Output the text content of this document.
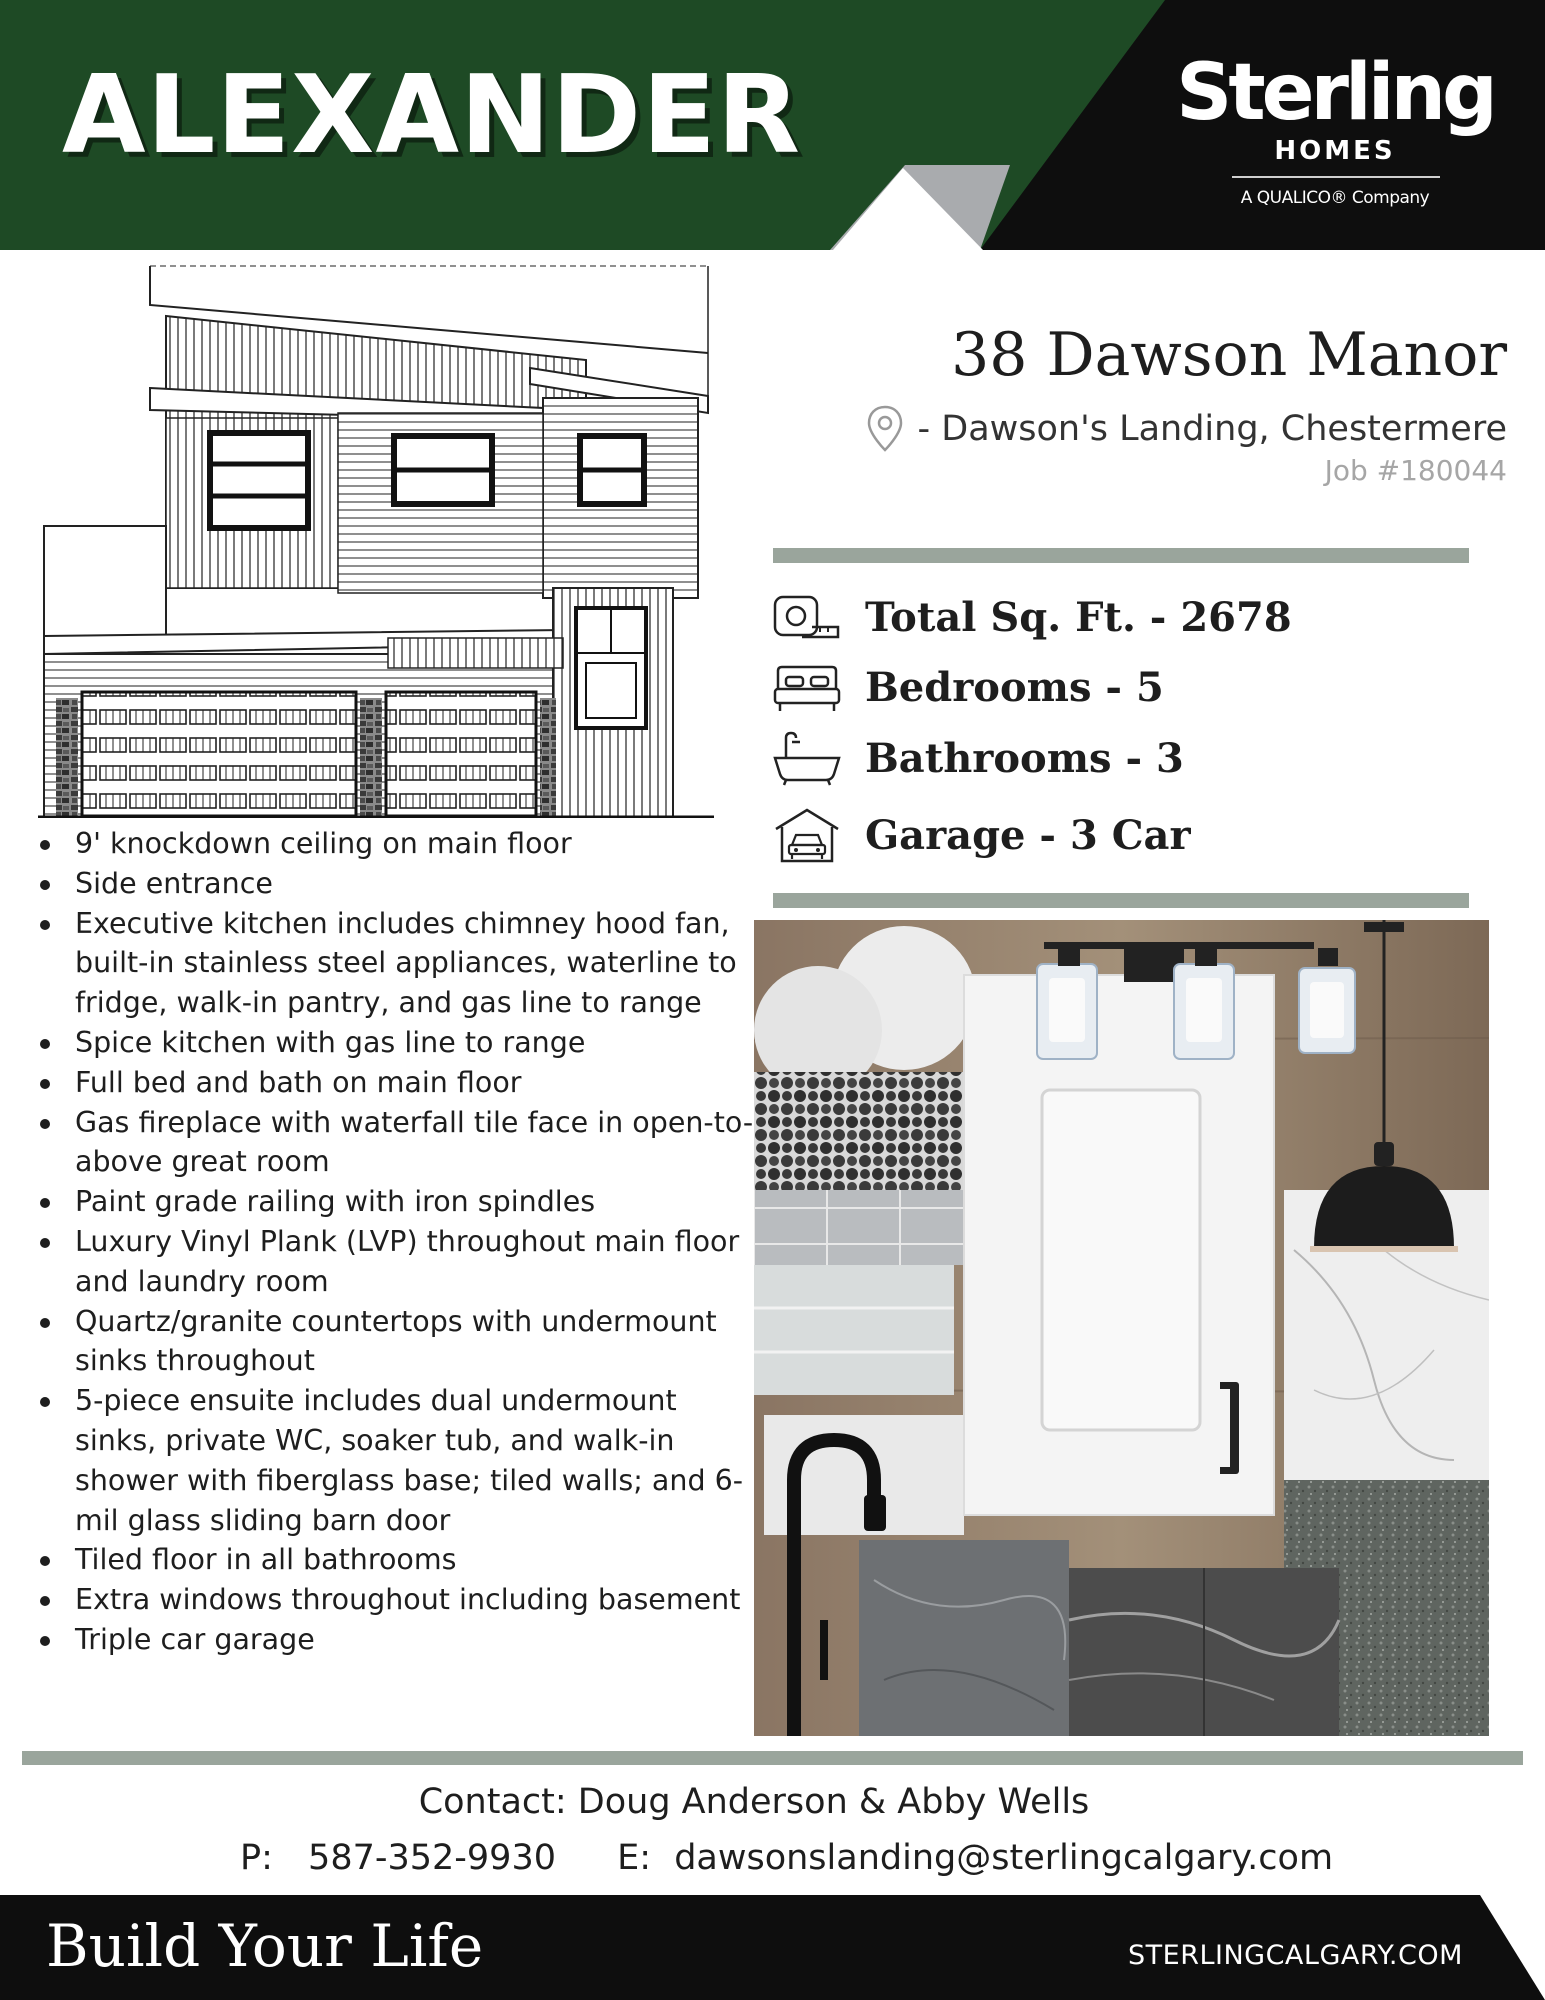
ALEXANDER	Sterling
HOMES
A QUALICO® Company
38 Dawson Manor
- Dawson's Landing, Chestermere
Job #180044
Total Sq. Ft. - 2678
Bedrooms - 5
Bathrooms - 3
Garage - 3 Car
9' knockdown ceiling on main floor
Side entrance
Executive kitchen includes chimney hood fan, built-in stainless steel appliances, waterline to fridge, walk-in pantry, and gas line to range
Spice kitchen with gas line to range
Full bed and bath on main floor
Gas fireplace with waterfall tile face in open-to-above great room
Paint grade railing with iron spindles
Luxury Vinyl Plank (LVP) throughout main floor and laundry room
Quartz/granite countertops with undermount sinks throughout
5-piece ensuite includes dual undermount sinks, private WC, soaker tub, and walk-in shower with fiberglass base; tiled walls; and 6-mil glass sliding barn door
Tiled floor in all bathrooms
Extra windows throughout including basement
Triple car garage
Contact: Doug Anderson & Abby Wells
P: 587-352-9930 E: dawsonslanding@sterlingcalgary.com
Build Your Life	STERLINGCALGARY.COM
